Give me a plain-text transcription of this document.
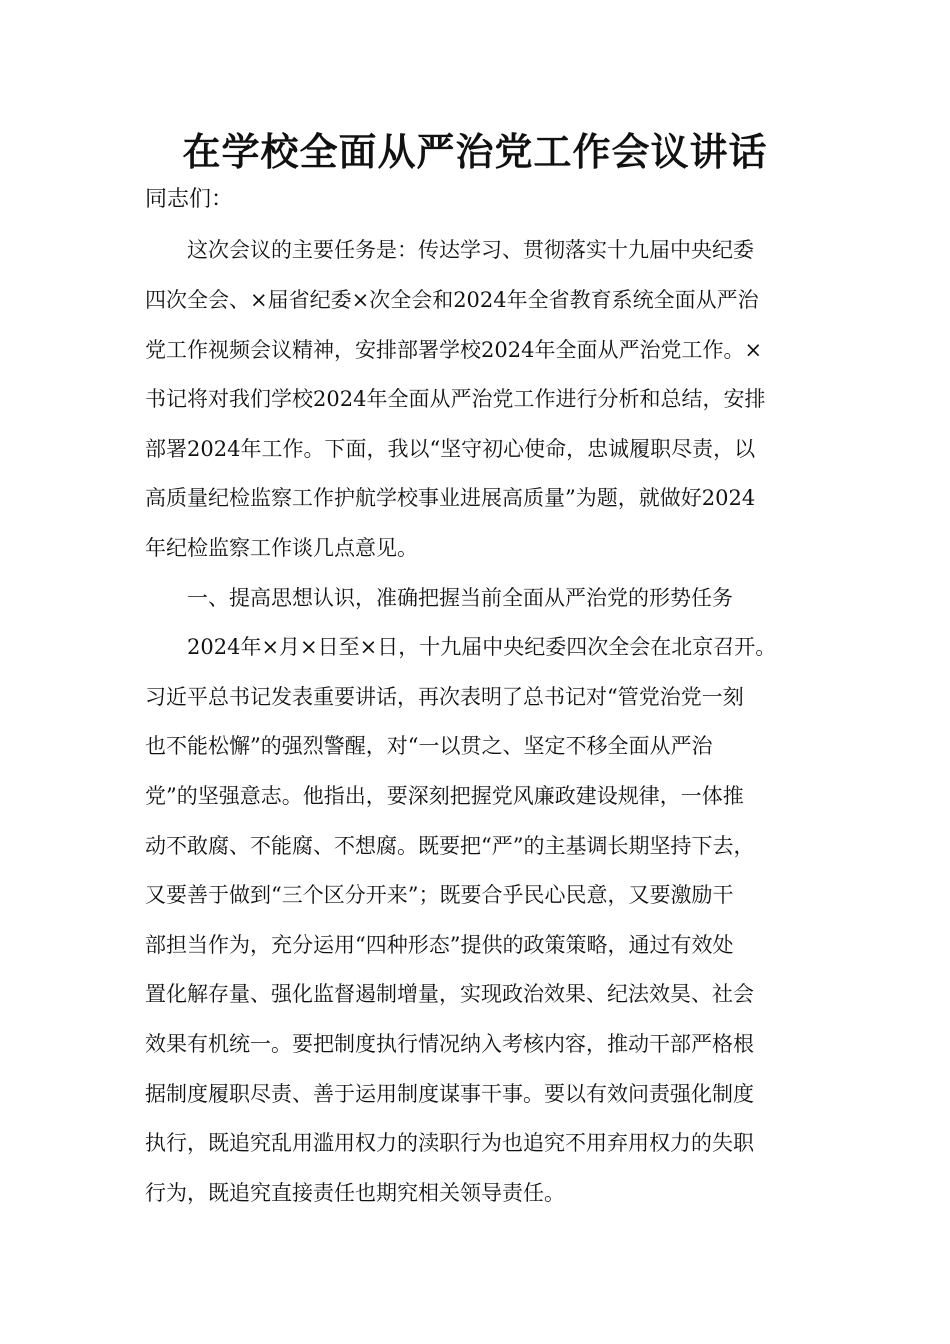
在学校全面从严治党工作会议讲话

同志们：

　　这次会议的主要任务是：传达学习、贯彻落实十九届中央纪委

四次全会、×届省纪委×次全会和2024年全省教育系统全面从严治

党工作视频会议精神，安排部署学校2024年全面从严治党工作。×

书记将对我们学校2024年全面从严治党工作进行分析和总结，安排

部署2024年工作。下面，我以“坚守初心使命，忠诚履职尽责，以

高质量纪检监察工作护航学校事业进展高质量”为题，就做好2024

年纪检监察工作谈几点意见。

　　一、提高思想认识，准确把握当前全面从严治党的形势任务

　　2024年×月×日至×日，十九届中央纪委四次全会在北京召开。

习近平总书记发表重要讲话，再次表明了总书记对“管党治党一刻

也不能松懈”的强烈警醒，对“一以贯之、坚定不移全面从严治

党”的坚强意志。他指出，要深刻把握党风廉政建设规律，一体推

动不敢腐、不能腐、不想腐。既要把“严”的主基调长期坚持下去，

又要善于做到“三个区分开来”；既要合乎民心民意，又要激励干

部担当作为，充分运用“四种形态”提供的政策策略，通过有效处

置化解存量、强化监督遏制增量，实现政治效果、纪法效昊、社会

效果有机统一。要把制度执行情况纳入考核内容，推动干部严格根

据制度履职尽责、善于运用制度谋事干事。要以有效问责强化制度

执行，既追究乱用滥用权力的渎职行为也追究不用弃用权力的失职

行为，既追究直接责任也期究相关领导责任。
